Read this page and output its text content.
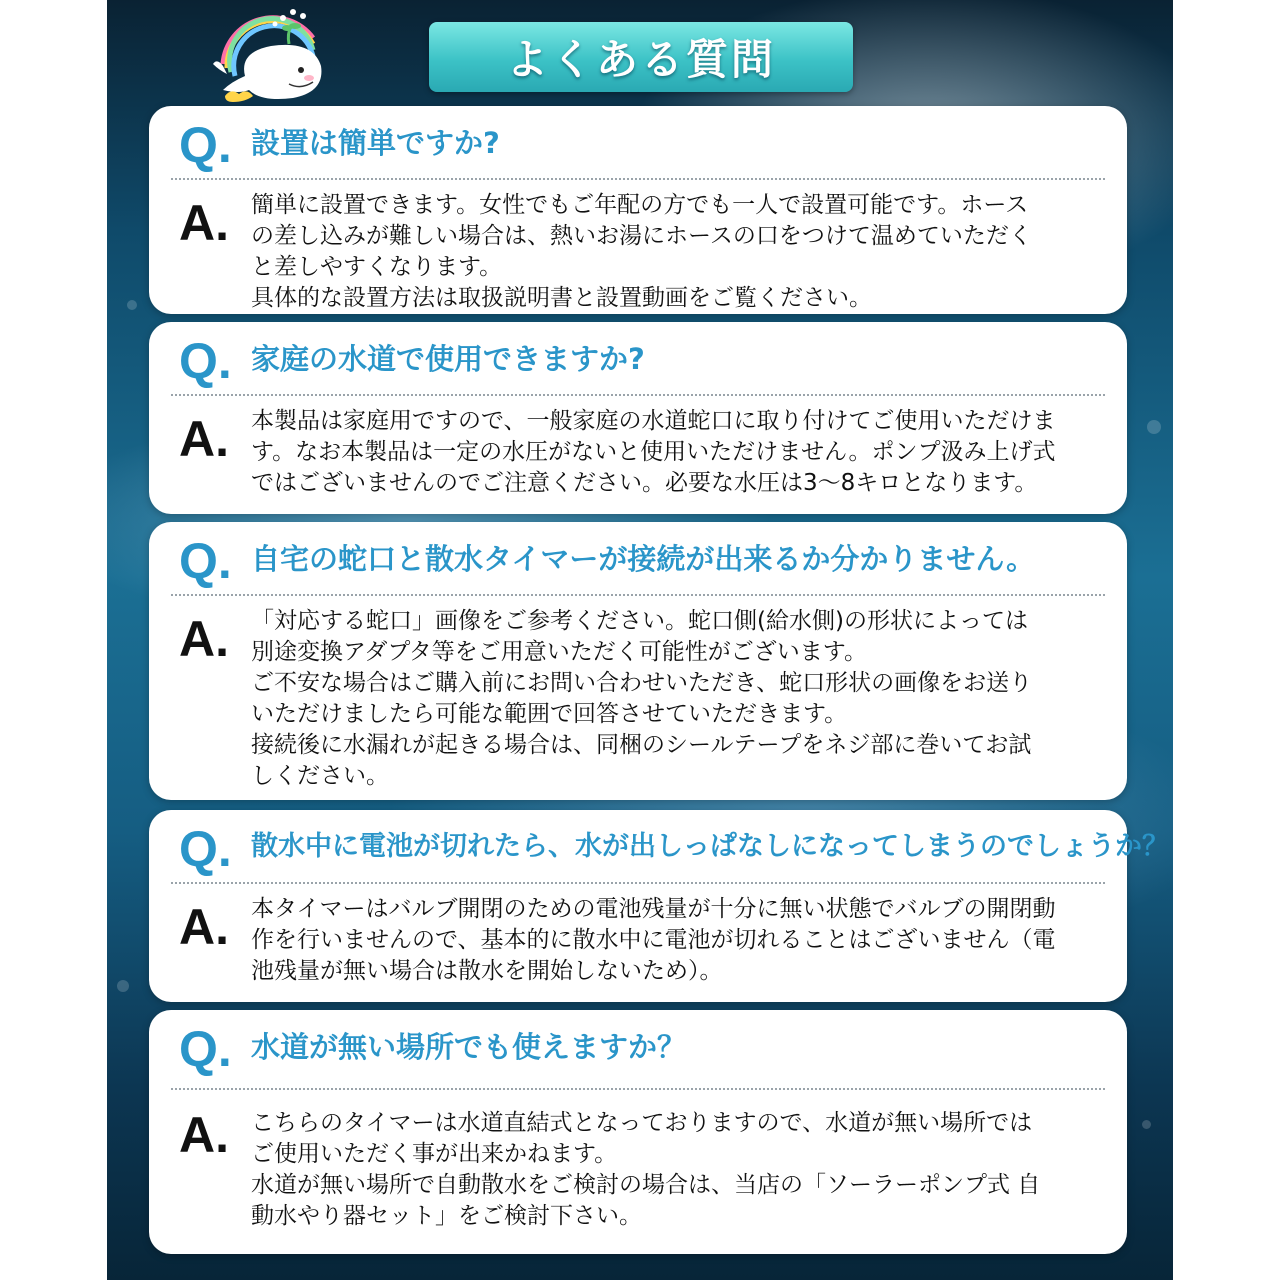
よくある質問
Q. 設置は簡単ですか?
A. 簡単に設置できます。女性でもご年配の方でも一人で設置可能です。ホース
の差し込みが難しい場合は、熱いお湯にホースの口をつけて温めていただく
と差しやすくなります。
具体的な設置方法は取扱説明書と設置動画をご覧ください。

Q. 家庭の水道で使用できますか?
A. 本製品は家庭用ですので、一般家庭の水道蛇口に取り付けてご使用いただけま
す。なお本製品は一定の水圧がないと使用いただけません。ポンプ汲み上げ式
ではございませんのでご注意ください。必要な水圧は3〜8キロとなります。

Q. 自宅の蛇口と散水タイマーが接続が出来るか分かりません。
A. 「対応する蛇口」画像をご参考ください。蛇口側(給水側)の形状によっては
別途変換アダプタ等をご用意いただく可能性がございます。
ご不安な場合はご購入前にお問い合わせいただき、蛇口形状の画像をお送り
いただけましたら可能な範囲で回答させていただきます。
接続後に水漏れが起きる場合は、同梱のシールテープをネジ部に巻いてお試
しください。

Q. 散水中に電池が切れたら、水が出しっぱなしになってしまうのでしょうか？
A. 本タイマーはバルブ開閉のための電池残量が十分に無い状態でバルブの開閉動
作を行いませんので、基本的に散水中に電池が切れることはございません（電
池残量が無い場合は散水を開始しないため）。

Q. 水道が無い場所でも使えますか？
A. こちらのタイマーは水道直結式となっておりますので、水道が無い場所では
ご使用いただく事が出来かねます。
水道が無い場所で自動散水をご検討の場合は、当店の「ソーラーポンプ式 自
動水やり器セット」をご検討下さい。
